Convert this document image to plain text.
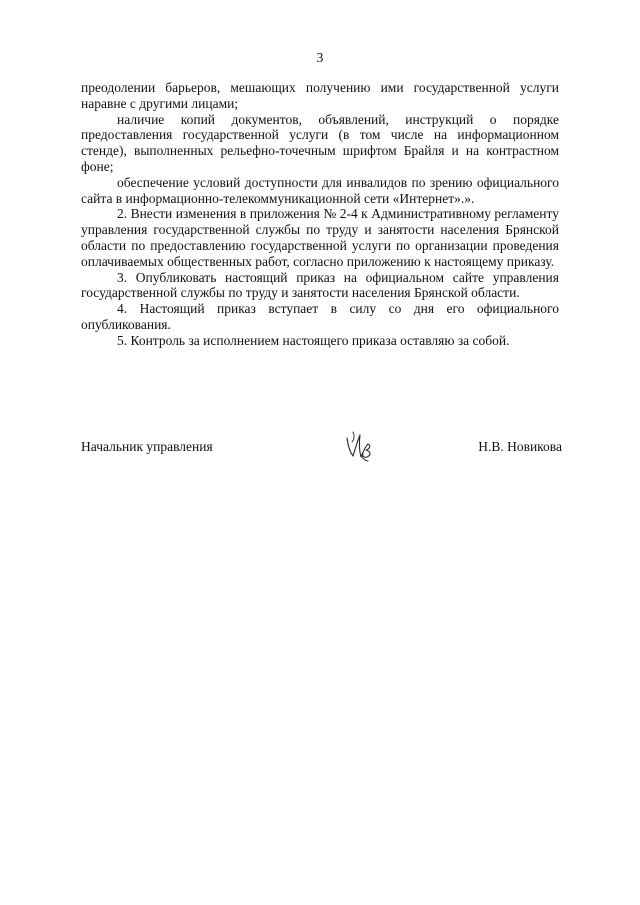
3

преодолении барьеров, мешающих получению ими государственной услуги наравне с другими лицами;

наличие копий документов, объявлений, инструкций о порядке предоставления государственной услуги (в том числе на информационном стенде), выполненных рельефно-точечным шрифтом Брайля и на контрастном фоне;

обеспечение условий доступности для инвалидов по зрению официального сайта в информационно-телекоммуникационной сети «Интернет».».

2. Внести изменения в приложения № 2-4 к Административному регламенту управления государственной службы по труду и занятости населения Брянской области по предоставлению государственной услуги по организации проведения оплачиваемых общественных работ, согласно приложению к настоящему приказу.

3. Опубликовать настоящий приказ на официальном сайте управления государственной службы по труду и занятости населения Брянской области.

4. Настоящий приказ вступает в силу со дня его официального опубликования.

5. Контроль за исполнением настоящего приказа оставляю за собой.

Начальник управления	Н.В. Новикова
